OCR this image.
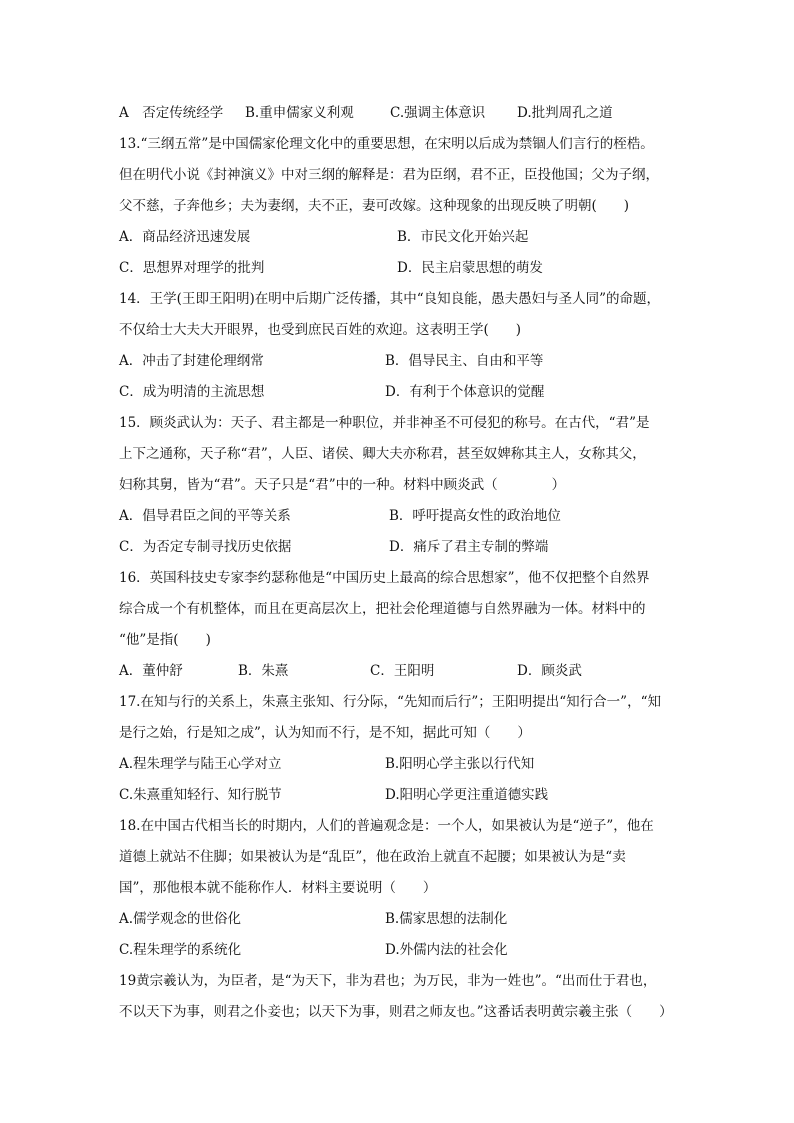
A　否定传统经学 B.重申儒家义利观	C.强调主体意识 D.批判周孔之道
13.“三纲五常”是中国儒家伦理文化中的重要思想，在宋明以后成为禁锢人们言行的桎梏。
但在明代小说《封神演义》中对三纲的解释是：君为臣纲，君不正，臣投他国；父为子纲，
父不慈，子奔他乡；夫为妻纲，夫不正，妻可改嫁。这种现象的出现反映了明朝(　　)
A．商品经济迅速发展	B．市民文化开始兴起
C．思想界对理学的批判	D．民主启蒙思想的萌发
14．王学(王即王阳明)在明中后期广泛传播，其中“良知良能，愚夫愚妇与圣人同”的命题，
不仅给士大夫大开眼界，也受到庶民百姓的欢迎。这表明王学(　　)
A．冲击了封建伦理纲常	B．倡导民主、自由和平等
C．成为明清的主流思想	D．有利于个体意识的觉醒
15．顾炎武认为：天子、君主都是一种职位，并非神圣不可侵犯的称号。在古代，“君”是
上下之通称，天子称“君”，人臣、诸侯、卿大夫亦称君，甚至奴婢称其主人，女称其父，
妇称其舅，皆为“君”。天子只是“君”中的一种。材料中顾炎武（　　　　）
A．倡导君臣之间的平等关系	B．呼吁提高女性的政治地位
C．为否定专制寻找历史依据	D．痛斥了君主专制的弊端
16．英国科技史专家李约瑟称他是“中国历史上最高的综合思想家”，他不仅把整个自然界
综合成一个有机整体，而且在更高层次上，把社会伦理道德与自然界融为一体。材料中的
“他”是指(　　)
A．董仲舒	B．朱熹	C．王阳明	D．顾炎武
17.在知与行的关系上，朱熹主张知、行分际，“先知而后行”；王阳明提出“知行合一”，“知
是行之始，行是知之成”，认为知而不行，是不知，据此可知（　　）
A.程朱理学与陆王心学对立	B.阳明心学主张以行代知
C.朱熹重知轻行、知行脱节	D.阳明心学更注重道德实践
18.在中国古代相当长的时期内，人们的普遍观念是：一个人，如果被认为是“逆子”，他在
道德上就站不住脚；如果被认为是“乱臣”，他在政治上就直不起腰；如果被认为是“卖
国”，那他根本就不能称作人．材料主要说明（　　）
A.儒学观念的世俗化	B.儒家思想的法制化
C.程朱理学的系统化	D.外儒内法的社会化
19黄宗羲认为，为臣者，是“为天下，非为君也；为万民，非为一姓也”。“出而仕于君也，
不以天下为事，则君之仆妾也；以天下为事，则君之师友也。”这番话表明黄宗羲主张（　　）
